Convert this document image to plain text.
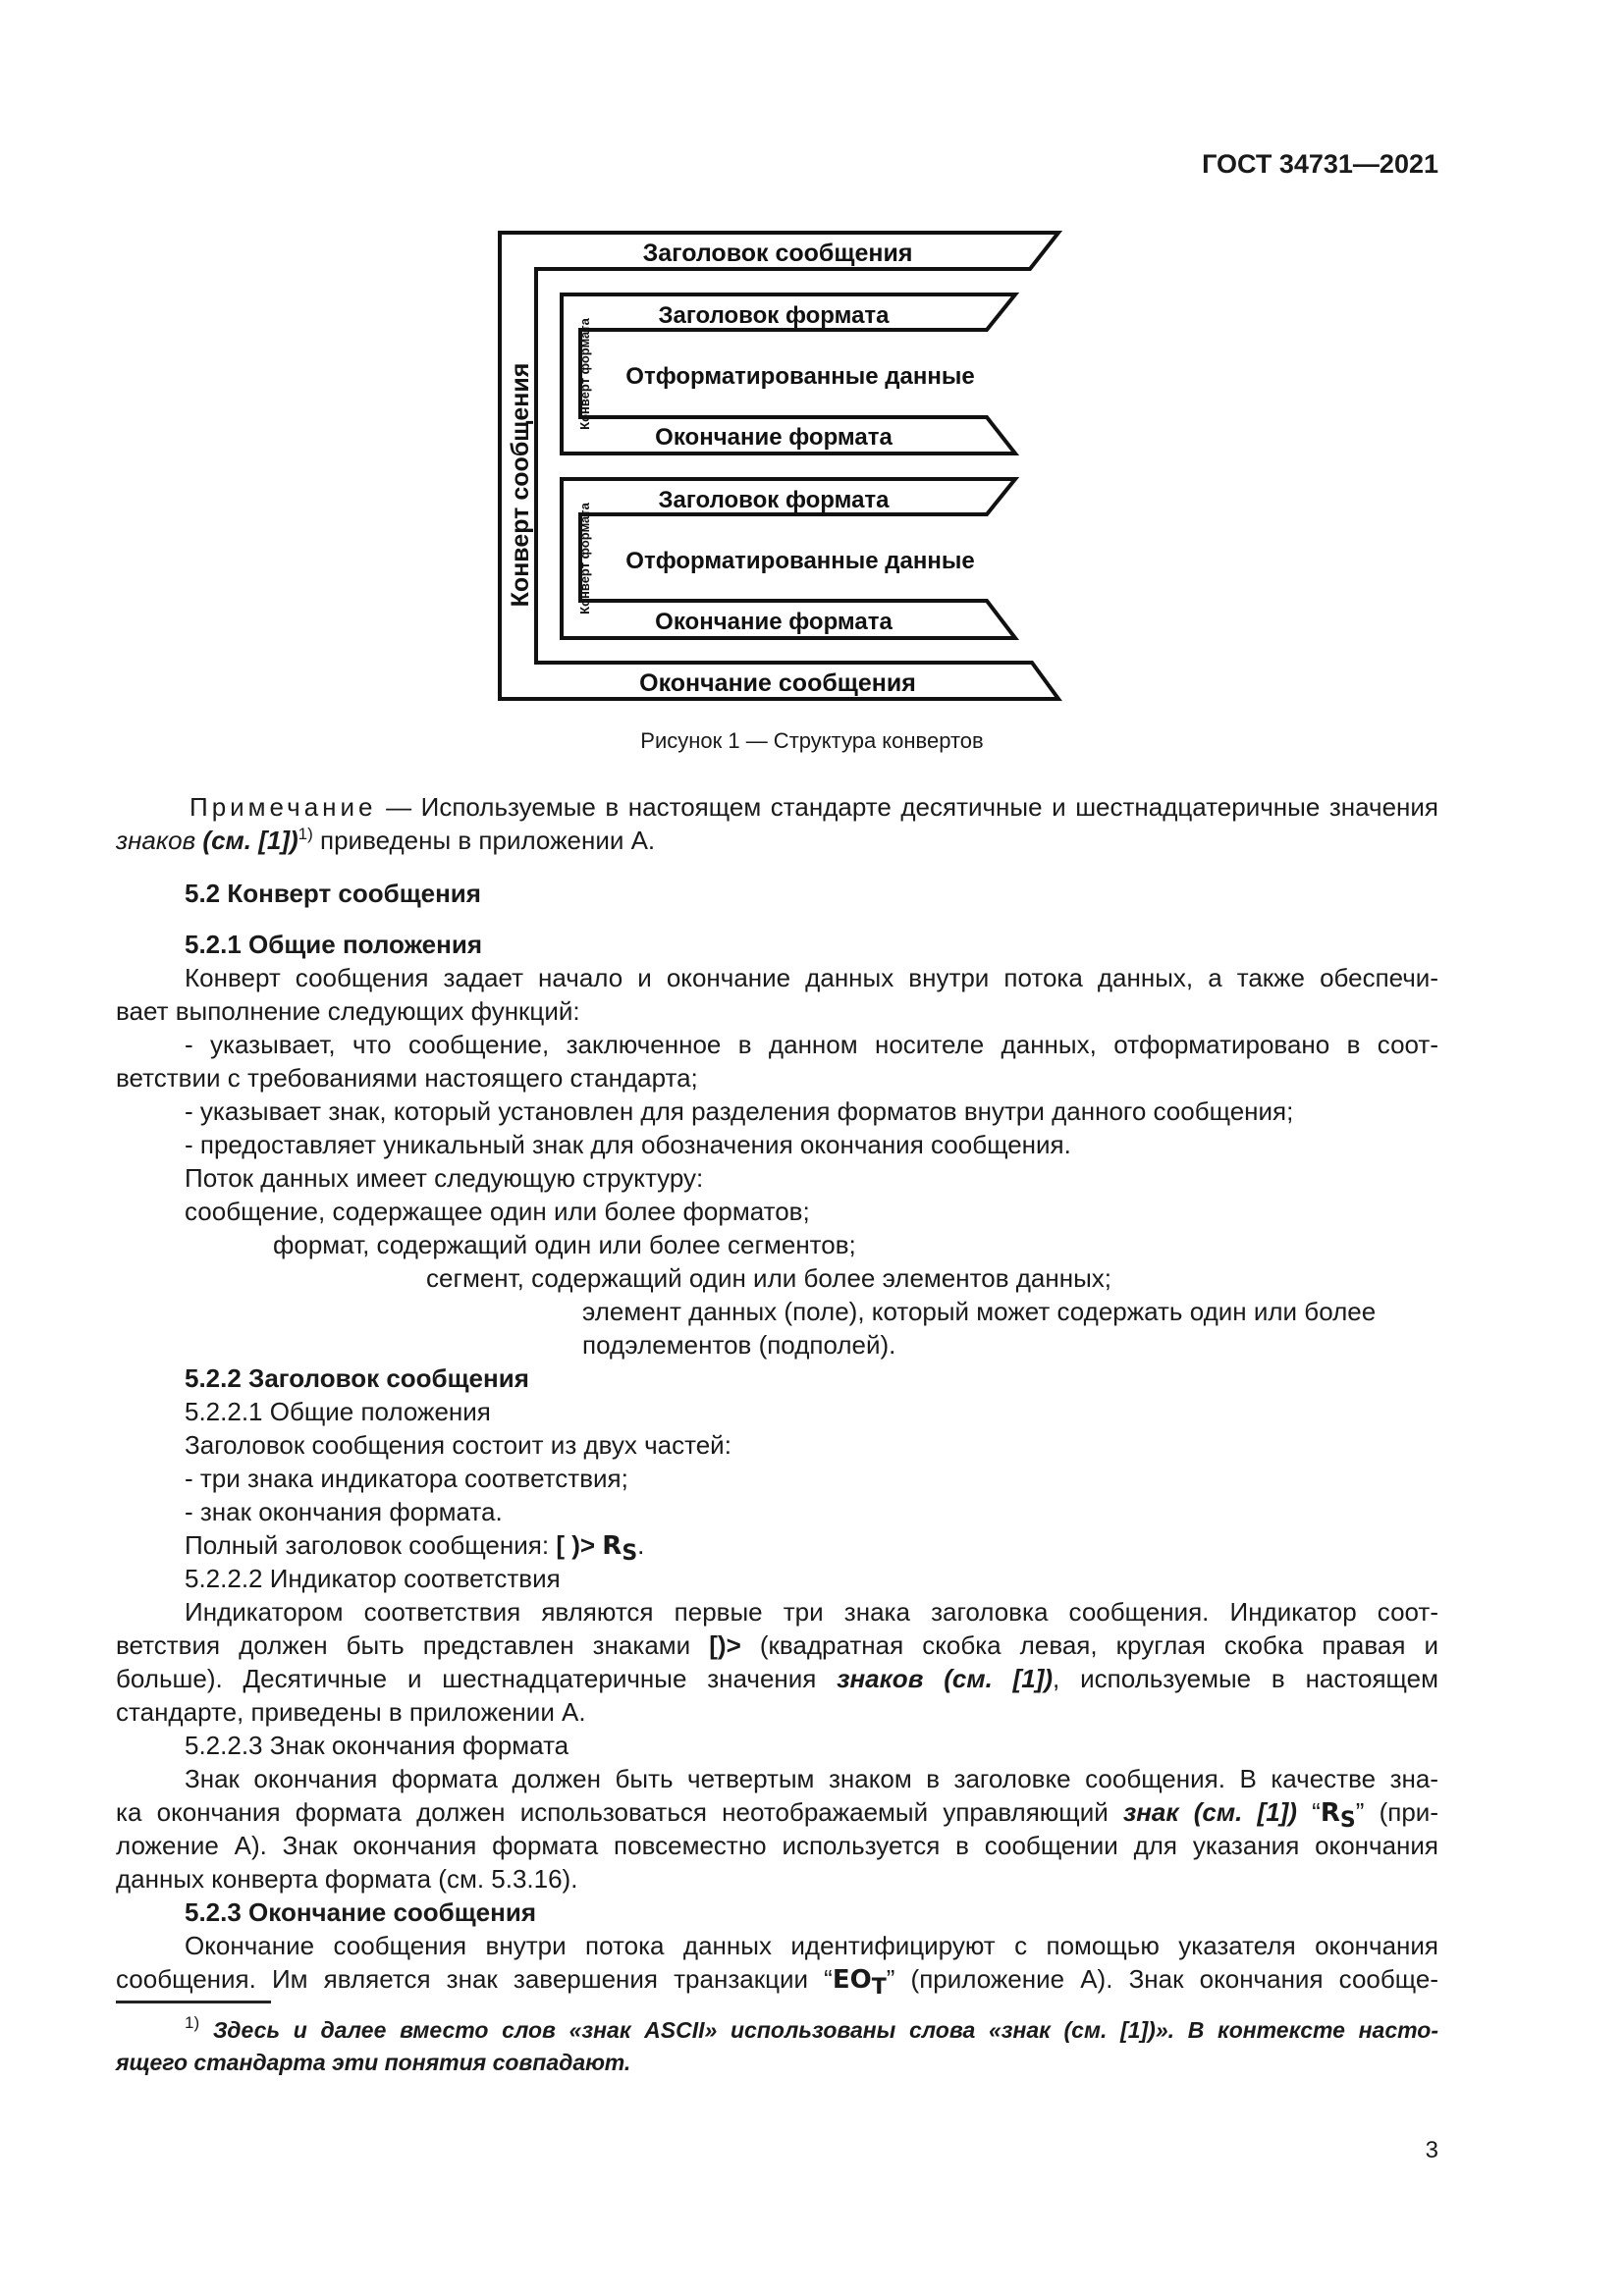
ГОСТ 34731—2021
Заголовок сообщения
Окончание сообщения
Конверт сообщения
Заголовок формата
Отформатированные данные
Окончание формата
Конверт формата
Заголовок формата
Отформатированные данные
Окончание формата
Конверт формата
Рисунок 1 — Структура конвертов
Примечание — Используемые в настоящем стандарте десятичные и шестнадцатеричные значения
знаков (см. [1])$^{1)}$ приведены в приложении А.
5.2 Конверт сообщения
5.2.1 Общие положения
Конверт сообщения задает начало и окончание данных внутри потока данных, а также обеспечи-
вает выполнение следующих функций:
- указывает, что сообщение, заключенное в данном носителе данных, отформатировано в соот-
ветствии с требованиями настоящего стандарта;
- указывает знак, который установлен для разделения форматов внутри данного сообщения;
- предоставляет уникальный знак для обозначения окончания сообщения.
Поток данных имеет следующую структуру:
сообщение, содержащее один или более форматов;
формат, содержащий один или более сегментов;
сегмент, содержащий один или более элементов данных;
элемент данных (поле), который может содержать один или более
подэлементов (подполей).
5.2.2 Заголовок сообщения
5.2.2.1 Общие положения
Заголовок сообщения состоит из двух частей:
- три знака индикатора соответствия;
- знак окончания формата.
Полный заголовок сообщения: [ )> $R_S$.
5.2.2.2 Индикатор соответствия
Индикатором соответствия являются первые три знака заголовка сообщения. Индикатор соот-
ветствия должен быть представлен знаками [)> (квадратная скобка левая, круглая скобка правая и
больше). Десятичные и шестнадцатеричные значения знаков (см. [1]), используемые в настоящем
стандарте, приведены в приложении А.
5.2.2.3 Знак окончания формата
Знак окончания формата должен быть четвертым знаком в заголовке сообщения. В качестве зна-
ка окончания формата должен использоваться неотображаемый управляющий знак (см. [1]) “$R_S$” (при-
ложение А). Знак окончания формата повсеместно используется в сообщении для указания окончания
данных конверта формата (см. 5.3.16).
5.2.3 Окончание сообщения
Окончание сообщения внутри потока данных идентифицируют с помощью указателя окончания
сообщения. Им является знак завершения транзакции “$EO_T$” (приложение А). Знак окончания сообще-
$^{1)}$ Здесь и далее вместо слов «знак ASCII» использованы слова «знак (см. [1])». В контексте насто-
ящего стандарта эти понятия совпадают.
3
